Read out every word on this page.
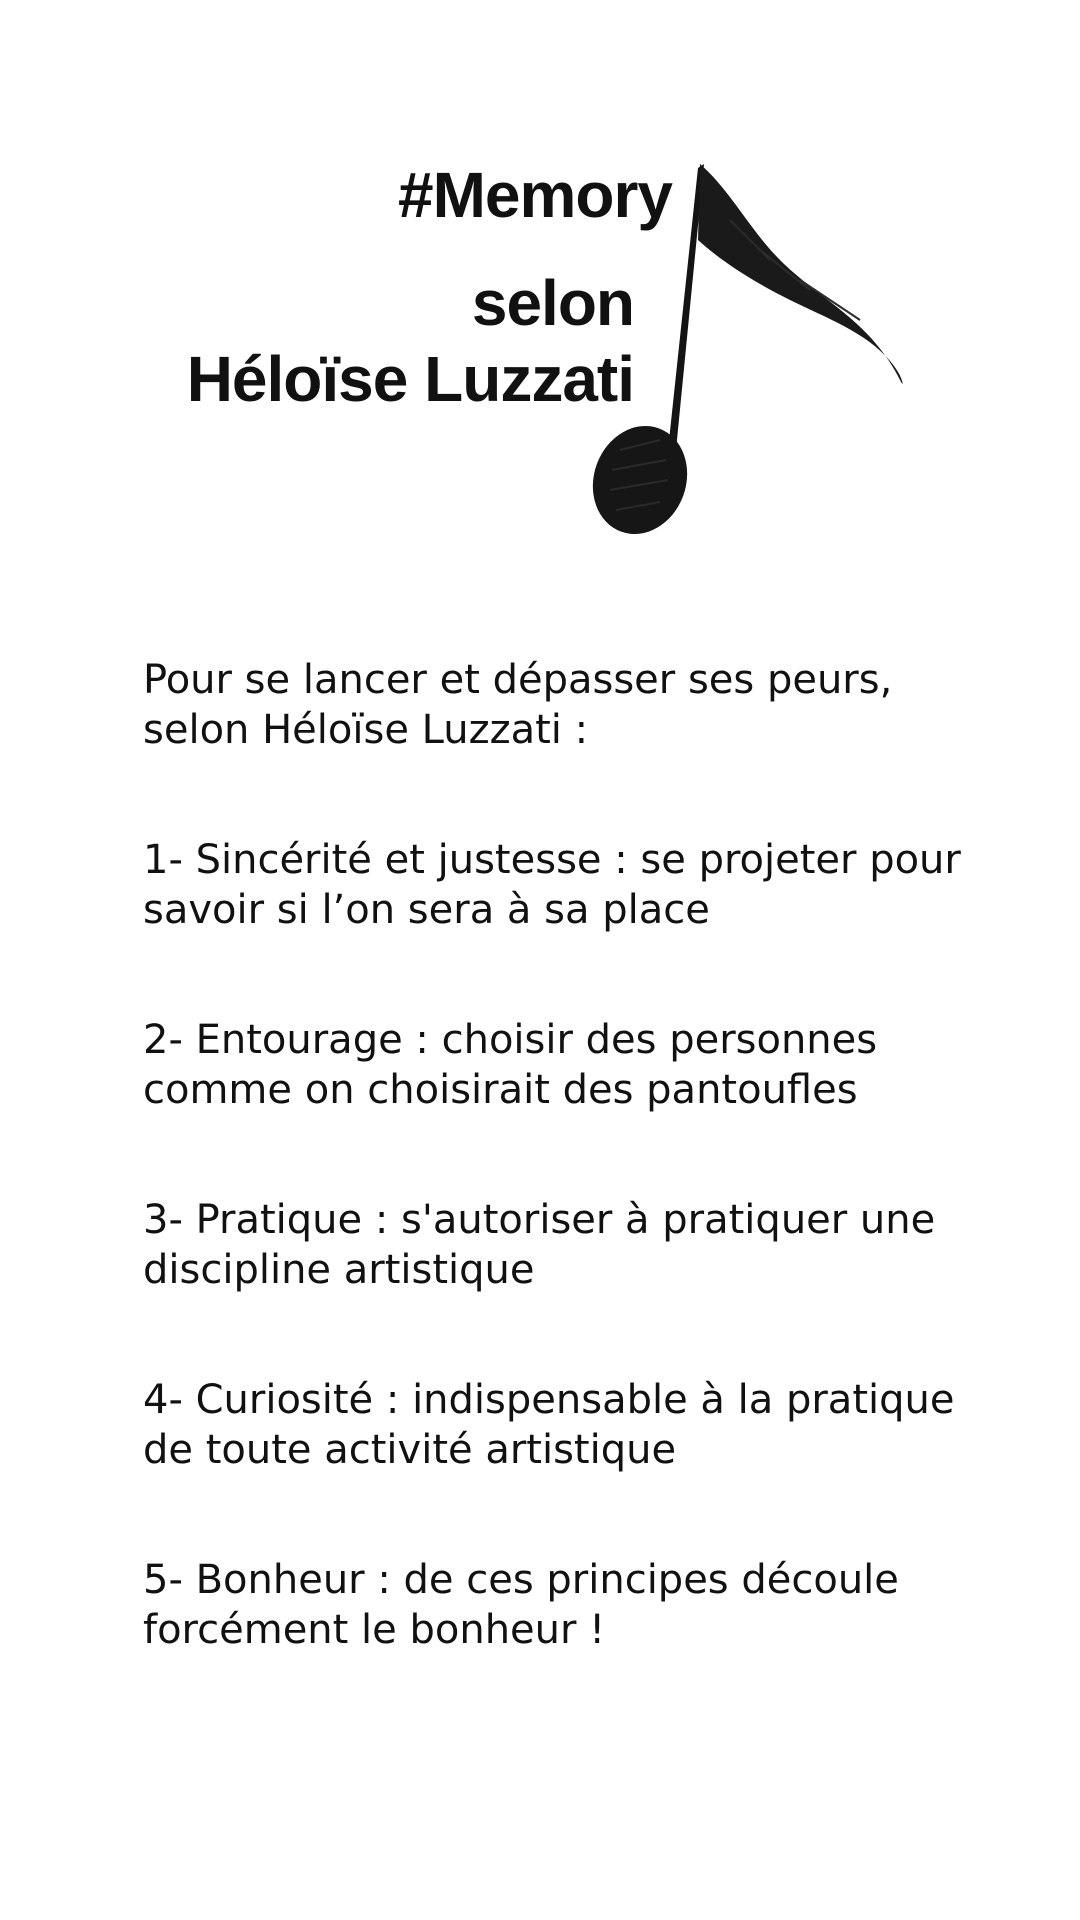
#Memory
selon
Héloïse Luzzati

Pour se lancer et dépasser ses peurs,
selon Héloïse Luzzati :

1- Sincérité et justesse : se projeter pour
savoir si l’on sera à sa place

2- Entourage : choisir des personnes
comme on choisirait des pantoufles

3- Pratique : s'autoriser à pratiquer une
discipline artistique

4- Curiosité : indispensable à la pratique
de toute activité artistique

5- Bonheur : de ces principes découle
forcément le bonheur !
